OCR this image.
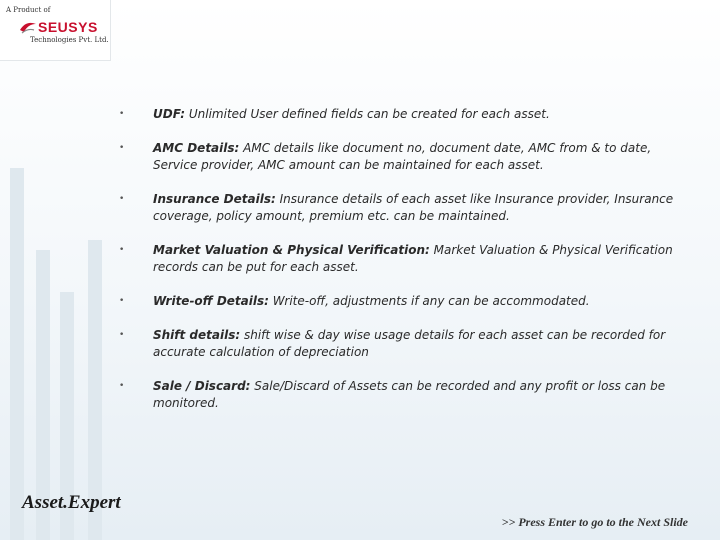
A Product of
SEUSYS
Technologies Pvt. Ltd.
• UDF: Unlimited User defined fields can be created for each asset.
• AMC Details: AMC details like document no, document date, AMC from & to date, Service provider, AMC amount can be maintained for each asset.
• Insurance Details: Insurance details of each asset like Insurance provider, Insurance coverage, policy amount, premium etc. can be maintained.
• Market Valuation & Physical Verification: Market Valuation & Physical Verification records can be put for each asset.
• Write-off Details: Write-off, adjustments if any can be accommodated.
• Shift details: shift wise & day wise usage details for each asset can be recorded for accurate calculation of depreciation
• Sale / Discard: Sale/Discard of Assets can be recorded and any profit or loss can be monitored.
Asset.Expert
>> Press Enter to go to the Next Slide
